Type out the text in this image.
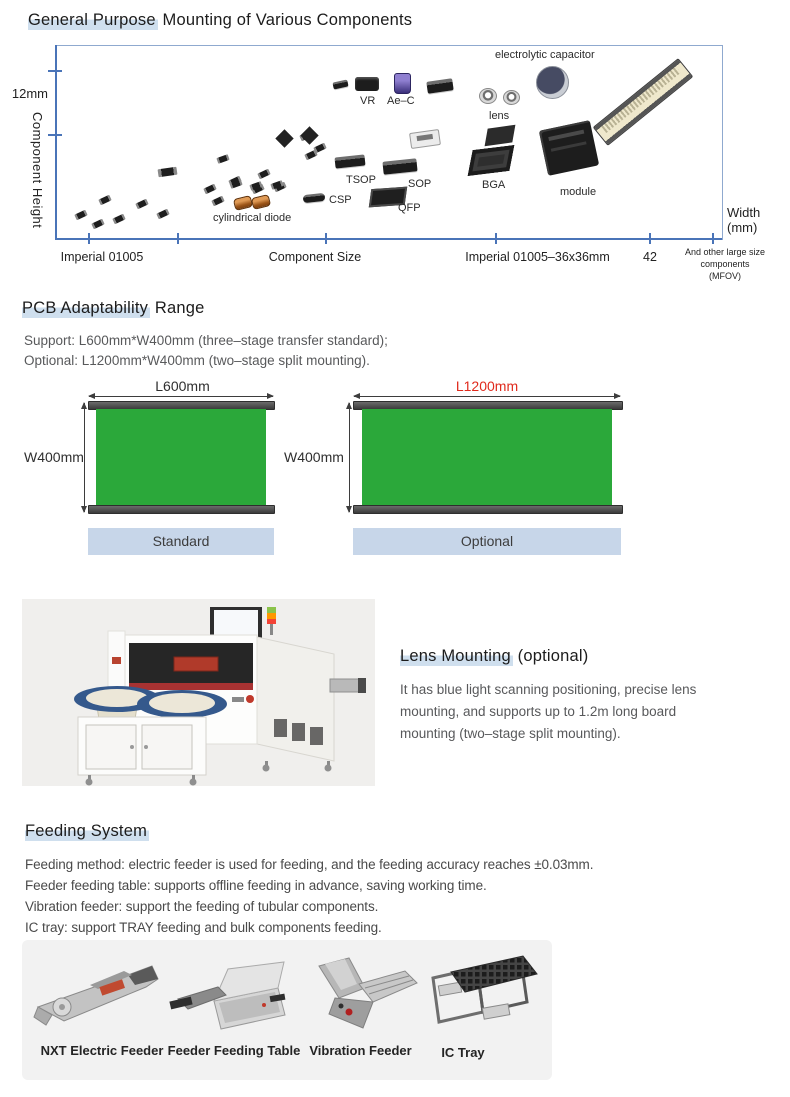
General Purpose Mounting of Various Components
12mm
Component Height	Width
(mm)
Imperial 01005	Component Size	Imperial 01005–36x36mm	42	And other large size
components
(MFOV)
electrolytic capacitor
VR Ae–C
lens
TSOP	SOP	BGA
module
CSP
QFP
cylindrical diode
PCB Adaptability Range
Support: L600mm*W400mm (three–stage transfer standard);
Optional: L1200mm*W400mm (two–stage split mounting).
L600mm
W400mm
Standard
L1200mm
W400mm
Optional
Lens Mounting (optional)
It has blue light scanning positioning, precise lens
mounting, and supports up to 1.2m long board
mounting (two–stage split mounting).
Feeding System
Feeding method: electric feeder is used for feeding, and the feeding accuracy reaches ±0.03mm.
Feeder feeding table: supports offline feeding in advance, saving working time.
Vibration feeder: support the feeding of tubular components.
IC tray: support TRAY feeding and bulk components feeding.
NXT Electric Feeder Feeder Feeding Table Vibration Feeder	IC Tray
